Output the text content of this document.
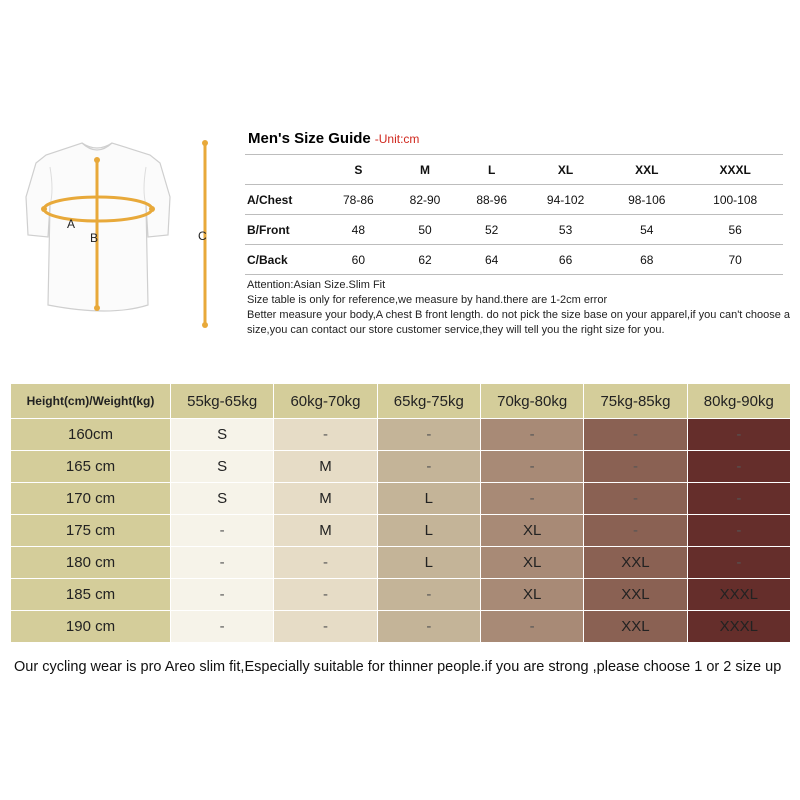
A
B	C
Men's Size Guide -Unit:cm
	S	M	L	XL	XXL	XXXL
A/Chest	78-86	82-90	88-96	94-102	98-106	100-108
B/Front	48	50	52	53	54	56
C/Back	60	62	64	66	68	70
Attention:Asian Size.Slim Fit
Size table is only for reference,we measure by hand.there are 1-2cm error
Better measure your body,A chest B front length. do not pick the size base on your apparel,if you can't choose a
size,you can contact our store customer service,they will tell you the right size for you.
Height(cm)/Weight(kg)	55kg-65kg	60kg-70kg	65kg-75kg	70kg-80kg	75kg-85kg	80kg-90kg
160cm	S	-	-	-	-	-
165 cm	S	M	-	-	-	-
170 cm	S	M	L	-	-	-
175 cm	-	M	L	XL	-	-
180 cm	-	-	L	XL	XXL	-
185 cm	-	-	-	XL	XXL	XXXL
190 cm	-	-	-	-	XXL	XXXL
Our cycling wear is pro Areo slim fit,Especially suitable for thinner people.if you are strong ,please choose 1 or 2 size up
